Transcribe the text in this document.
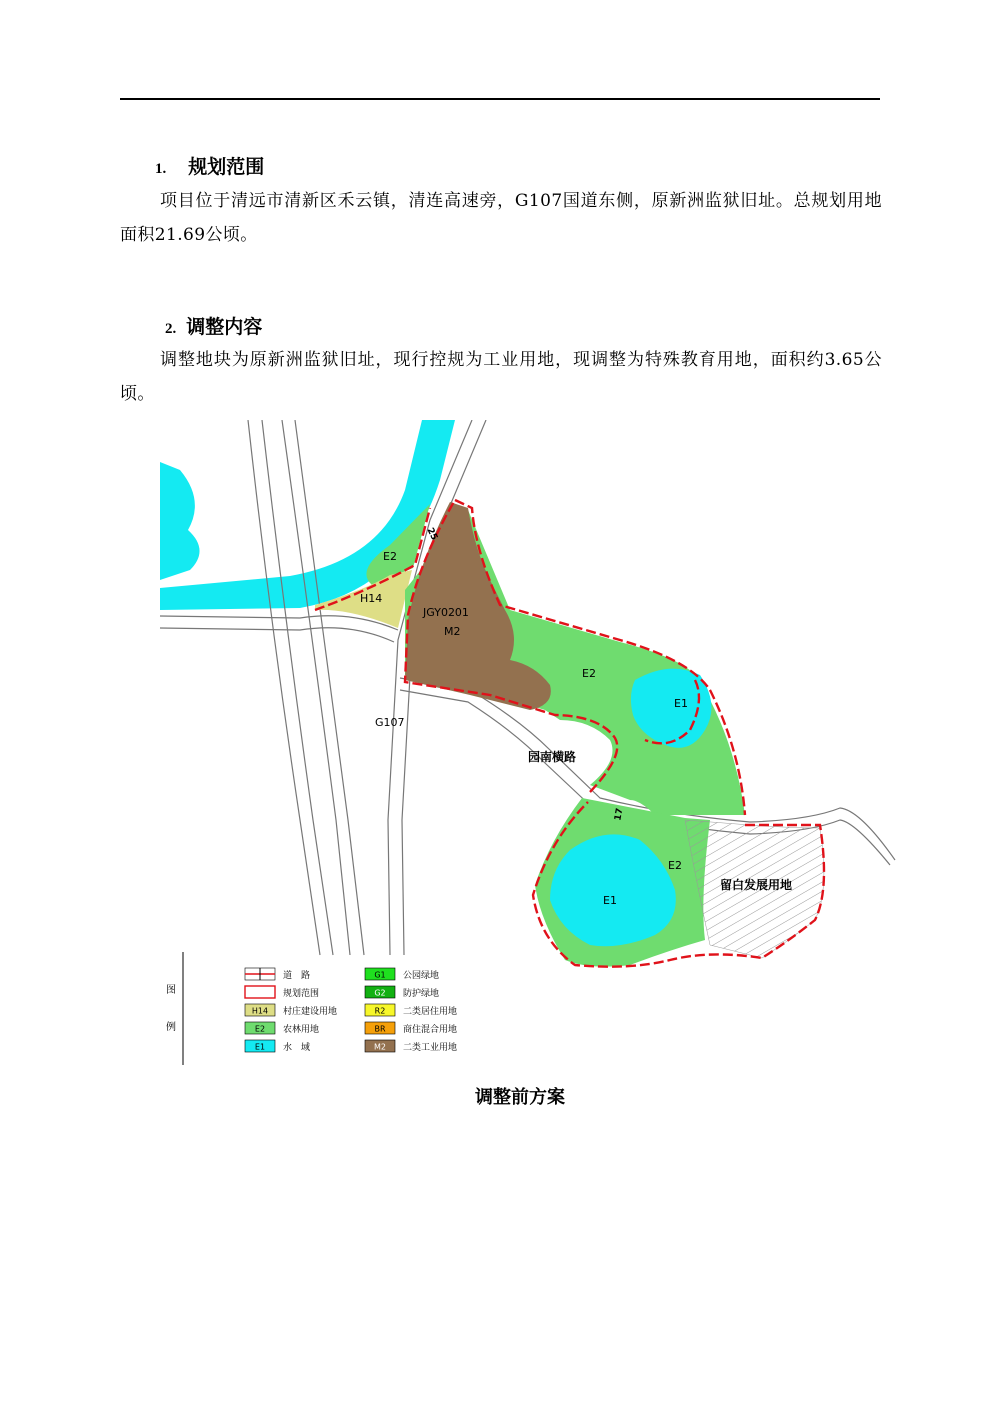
1. 规划范围
项目位于清远市清新区禾云镇，清连高速旁，G107国道东侧，原新洲监狱旧址。总规划用地面积21.69公顷。
2. 调整内容
调整地块为原新洲监狱旧址，现行控规为工业用地，现调整为特殊教育用地，面积约3.65公顷。
E2
H14
JGY0201
M2
E2
E1
G107
园南横路
E2
E1
留白发展用地
25
17
图
例
道　路
规划范围
H14 村庄建设用地
E2 农林用地
E1 水　域
G1 公园绿地
G2 防护绿地
R2 二类居住用地
BR 商住混合用地
M2 二类工业用地
调整前方案
